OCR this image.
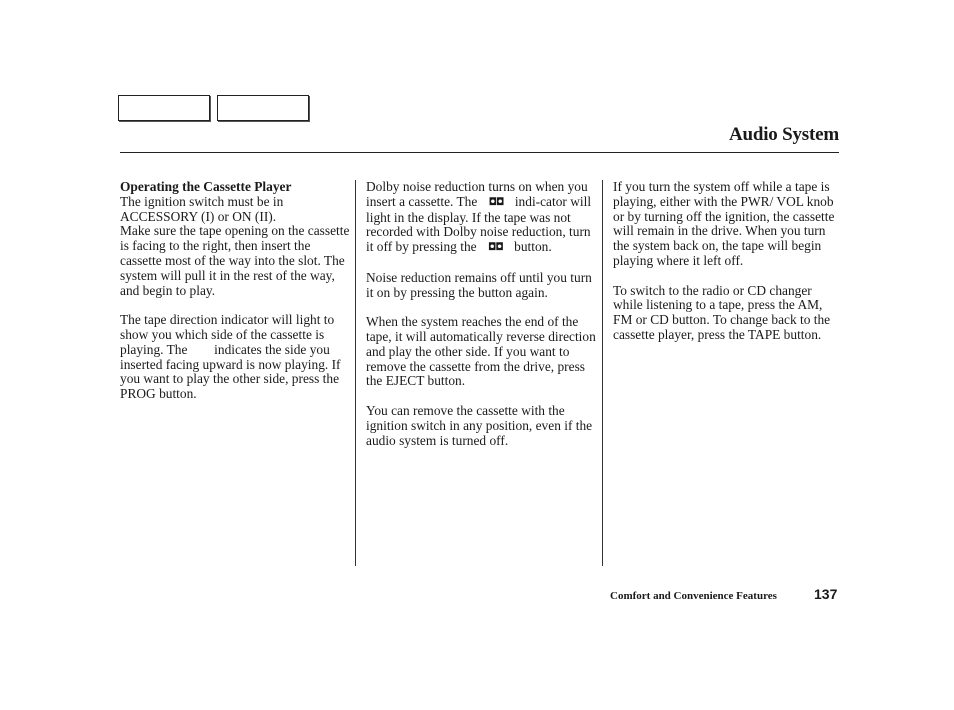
Audio System
Operating the Cassette Player
The ignition switch must be in ACCESSORY (I) or ON (II).
Make sure the tape opening on the cassette is facing to the right, then insert the cassette most of the way into the slot. The system will pull it in the rest of the way, and begin to play.
The tape direction indicator will light to show you which side of the cassette is playing. The indicates the side you inserted facing upward is now playing. If you want to play the other side, press the PROG button.
Dolby noise reduction turns on when you insert a cassette. The ◘◘ indi-cator will light in the display. If the tape was not recorded with Dolby noise reduction, turn it off by pressing the ◘◘ button.
Noise reduction remains off until you turn it on by pressing the button again.
When the system reaches the end of the tape, it will automatically reverse direction and play the other side. If you want to remove the cassette from the drive, press the EJECT button.
You can remove the cassette with the ignition switch in any position, even if the audio system is turned off.
If you turn the system off while a tape is playing, either with the PWR/ VOL knob or by turning off the ignition, the cassette will remain in the drive. When you turn the system back on, the tape will begin playing where it left off.
To switch to the radio or CD changer while listening to a tape, press the AM, FM or CD button. To change back to the cassette player, press the TAPE button.
Comfort and Convenience Features	137
